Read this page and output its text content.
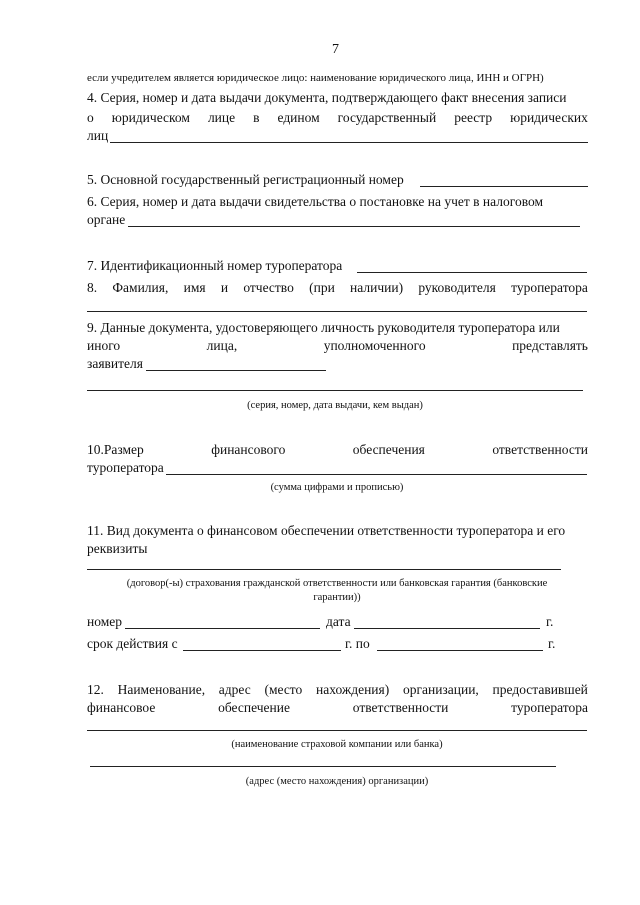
7
если учредителем является юридическое лицо: наименование юридического лица, ИНН и ОГРН)
4. Серия, номер и дата выдачи документа, подтверждающего факт внесения записи
о юридическом лице в едином государственный реестр юридических
лиц
5. Основной государственный регистрационный номер
6. Серия, номер и дата выдачи свидетельства о постановке на учет в налоговом
органе
7. Идентификационный номер туроператора
8. Фамилия, имя и отчество (при наличии) руководителя туроператора
9. Данные документа, удостоверяющего личность руководителя туроператора или
иного	лица,	уполномоченного	представлять
заявителя
(серия, номер, дата выдачи, кем выдан)
10.Размер	финансового	обеспечения	ответственности
туроператора
(сумма цифрами и прописью)
11. Вид документа о финансовом обеспечении ответственности туроператора и его
реквизиты
(договор(-ы) страхования гражданской ответственности или банковская гарантия (банковские
гарантии))
номер	дата	г.
срок действия с	г. по	г.
12. Наименование, адрес (место нахождения) организации, предоставившей
финансовое	обеспечение	ответственности	туроператора
(наименование страховой компании или банка)
(адрес (место нахождения) организации)
